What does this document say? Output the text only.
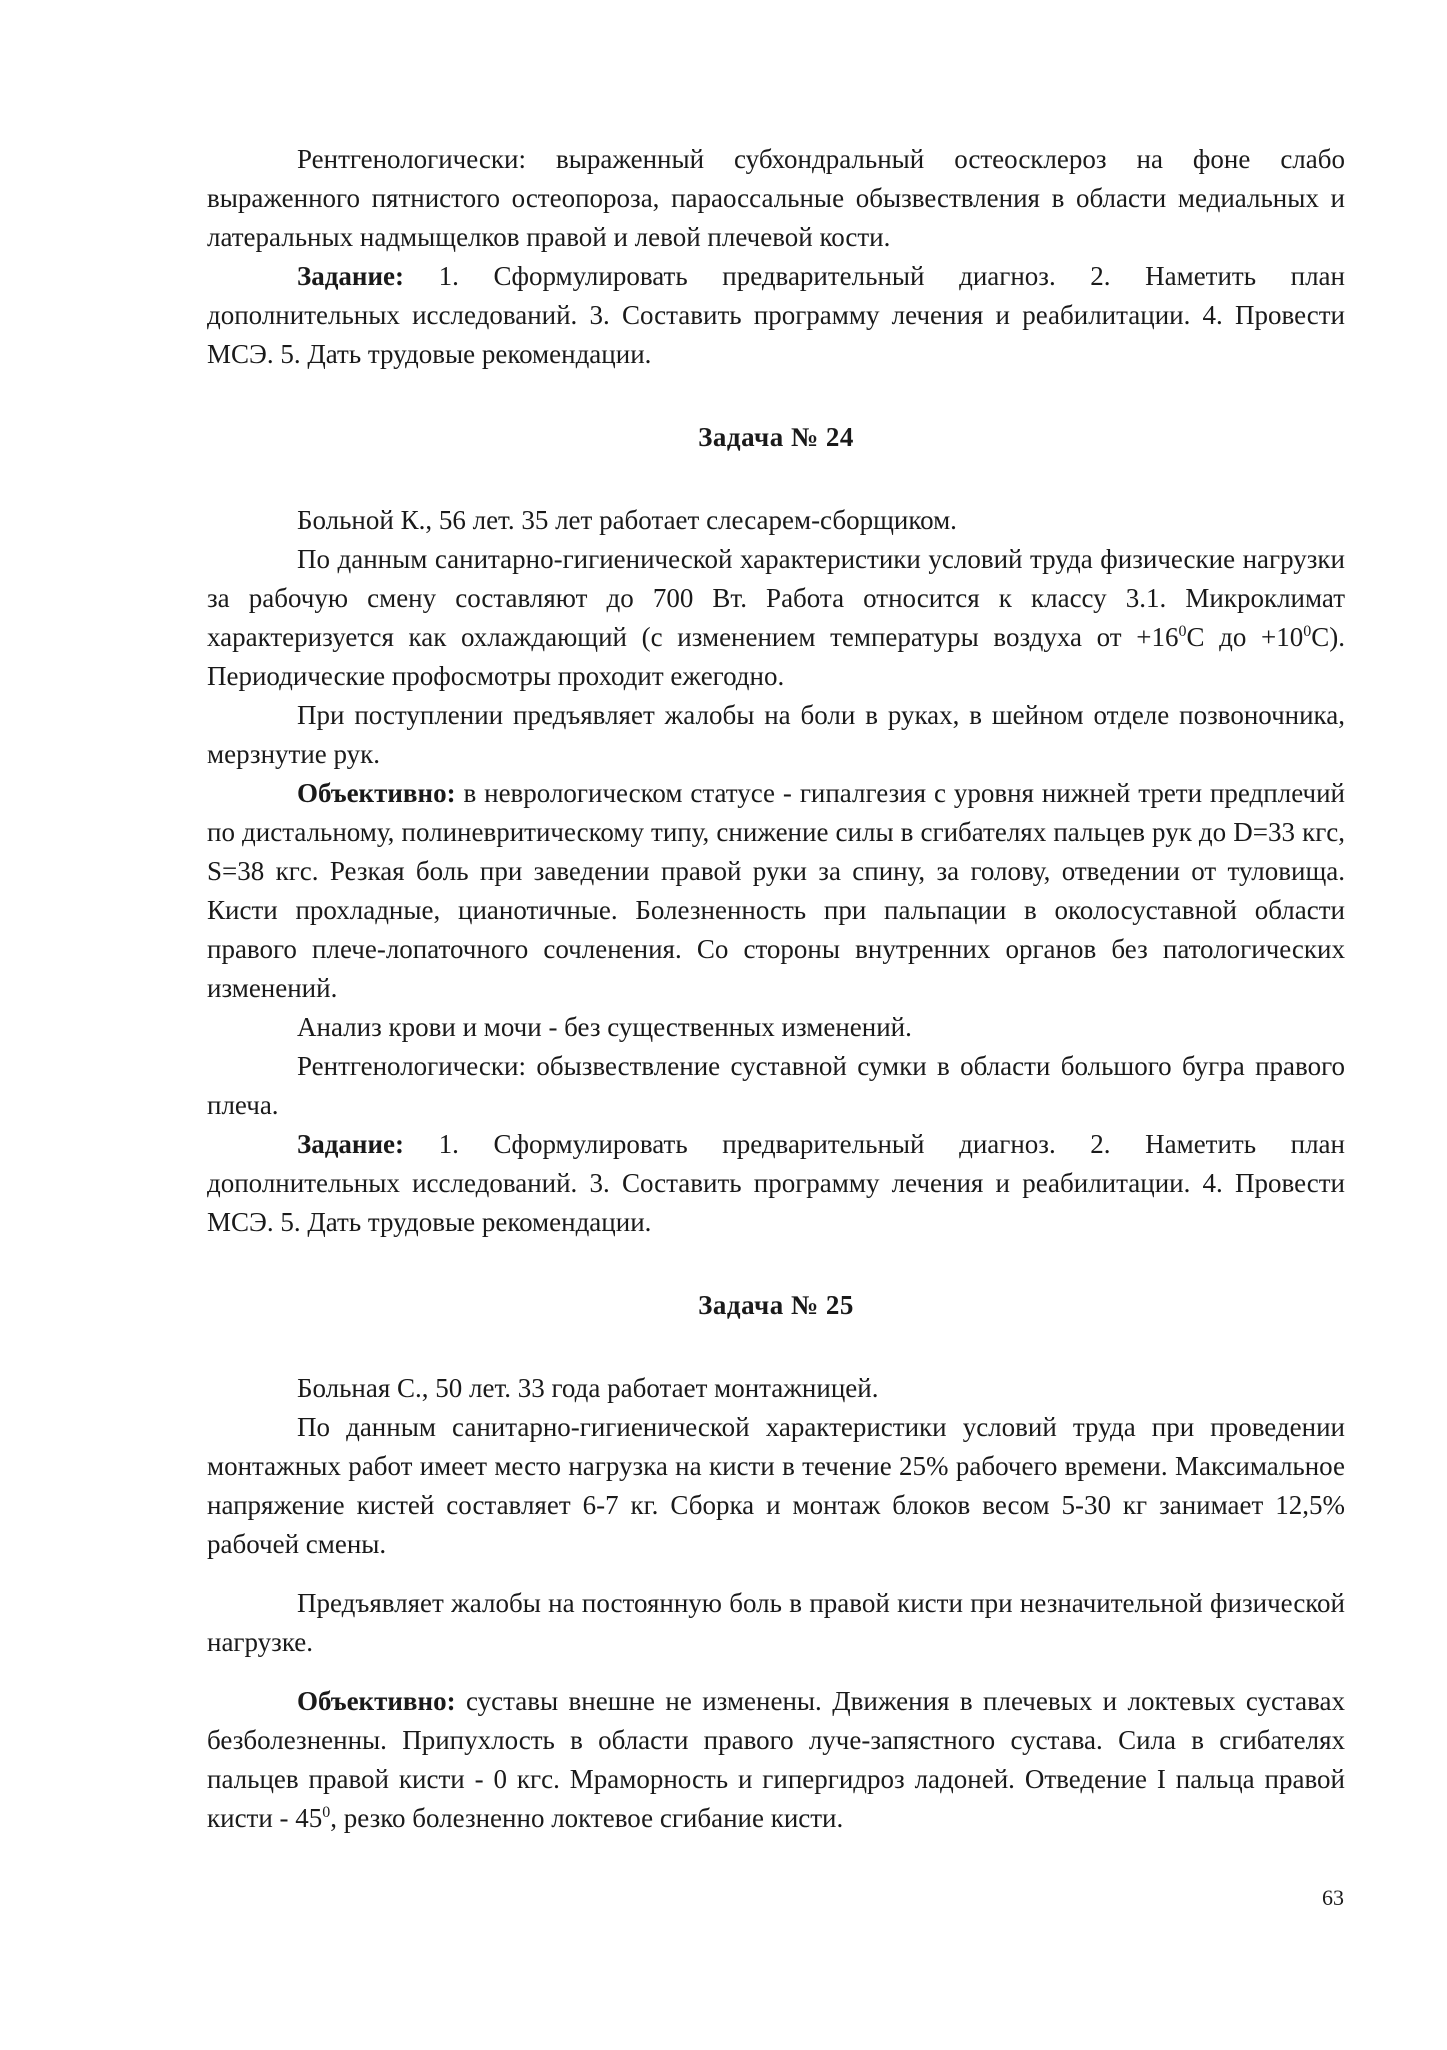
Рентгенологически: выраженный субхондральный остеосклероз на фоне слабо выраженного пятнистого остеопороза, параоссальные обызвествления в области медиальных и латеральных надмыщелков правой и левой плечевой кости.

Задание: 1. Сформулировать предварительный диагноз. 2. Наметить план дополнительных исследований. 3. Составить программу лечения и реабилитации. 4. Провести МСЭ. 5. Дать трудовые рекомендации.

Задача № 24

Больной К., 56 лет. 35 лет работает слесарем-сборщиком.

По данным санитарно-гигиенической характеристики условий труда физические нагрузки за рабочую смену составляют до 700 Вт. Работа относится к классу 3.1. Микроклимат характеризуется как охлаждающий (с изменением температуры воздуха от $+16^0С$ до $+10^0С$). Периодические профосмотры проходит ежегодно.

При поступлении предъявляет жалобы на боли в руках, в шейном отделе позвоночника, мерзнутие рук.

Объективно: в неврологическом статусе - гипалгезия с уровня нижней трети предплечий по дистальному, полиневритическому типу, снижение силы в сгибателях пальцев рук до D=33 кгс, S=38 кгс. Резкая боль при заведении правой руки за спину, за голову, отведении от туловища. Кисти прохладные, цианотичные. Болезненность при пальпации в околосуставной области правого плече-лопаточного сочленения. Со стороны внутренних органов без патологических изменений.

Анализ крови и мочи - без существенных изменений.

Рентгенологически: обызвествление суставной сумки в области большого бугра правого плеча.

Задание: 1. Сформулировать предварительный диагноз. 2. Наметить план дополнительных исследований. 3. Составить программу лечения и реабилитации. 4. Провести МСЭ. 5. Дать трудовые рекомендации.

Задача № 25

Больная С., 50 лет. 33 года работает монтажницей.

По данным санитарно-гигиенической характеристики условий труда при проведении монтажных работ имеет место нагрузка на кисти в течение 25% рабочего времени. Максимальное напряжение кистей составляет 6-7 кг. Сборка и монтаж блоков весом 5-30 кг занимает 12,5% рабочей смены.

Предъявляет жалобы на постоянную боль в правой кисти при незначительной физической нагрузке.

Объективно: суставы внешне не изменены. Движения в плечевых и локтевых суставах безболезненны. Припухлость в области правого луче-запястного сустава. Сила в сгибателях пальцев правой кисти - 0 кгс. Мраморность и гипергидроз ладоней. Отведение I пальца правой кисти - $45^0$, резко болезненно локтевое сгибание кисти.

63
